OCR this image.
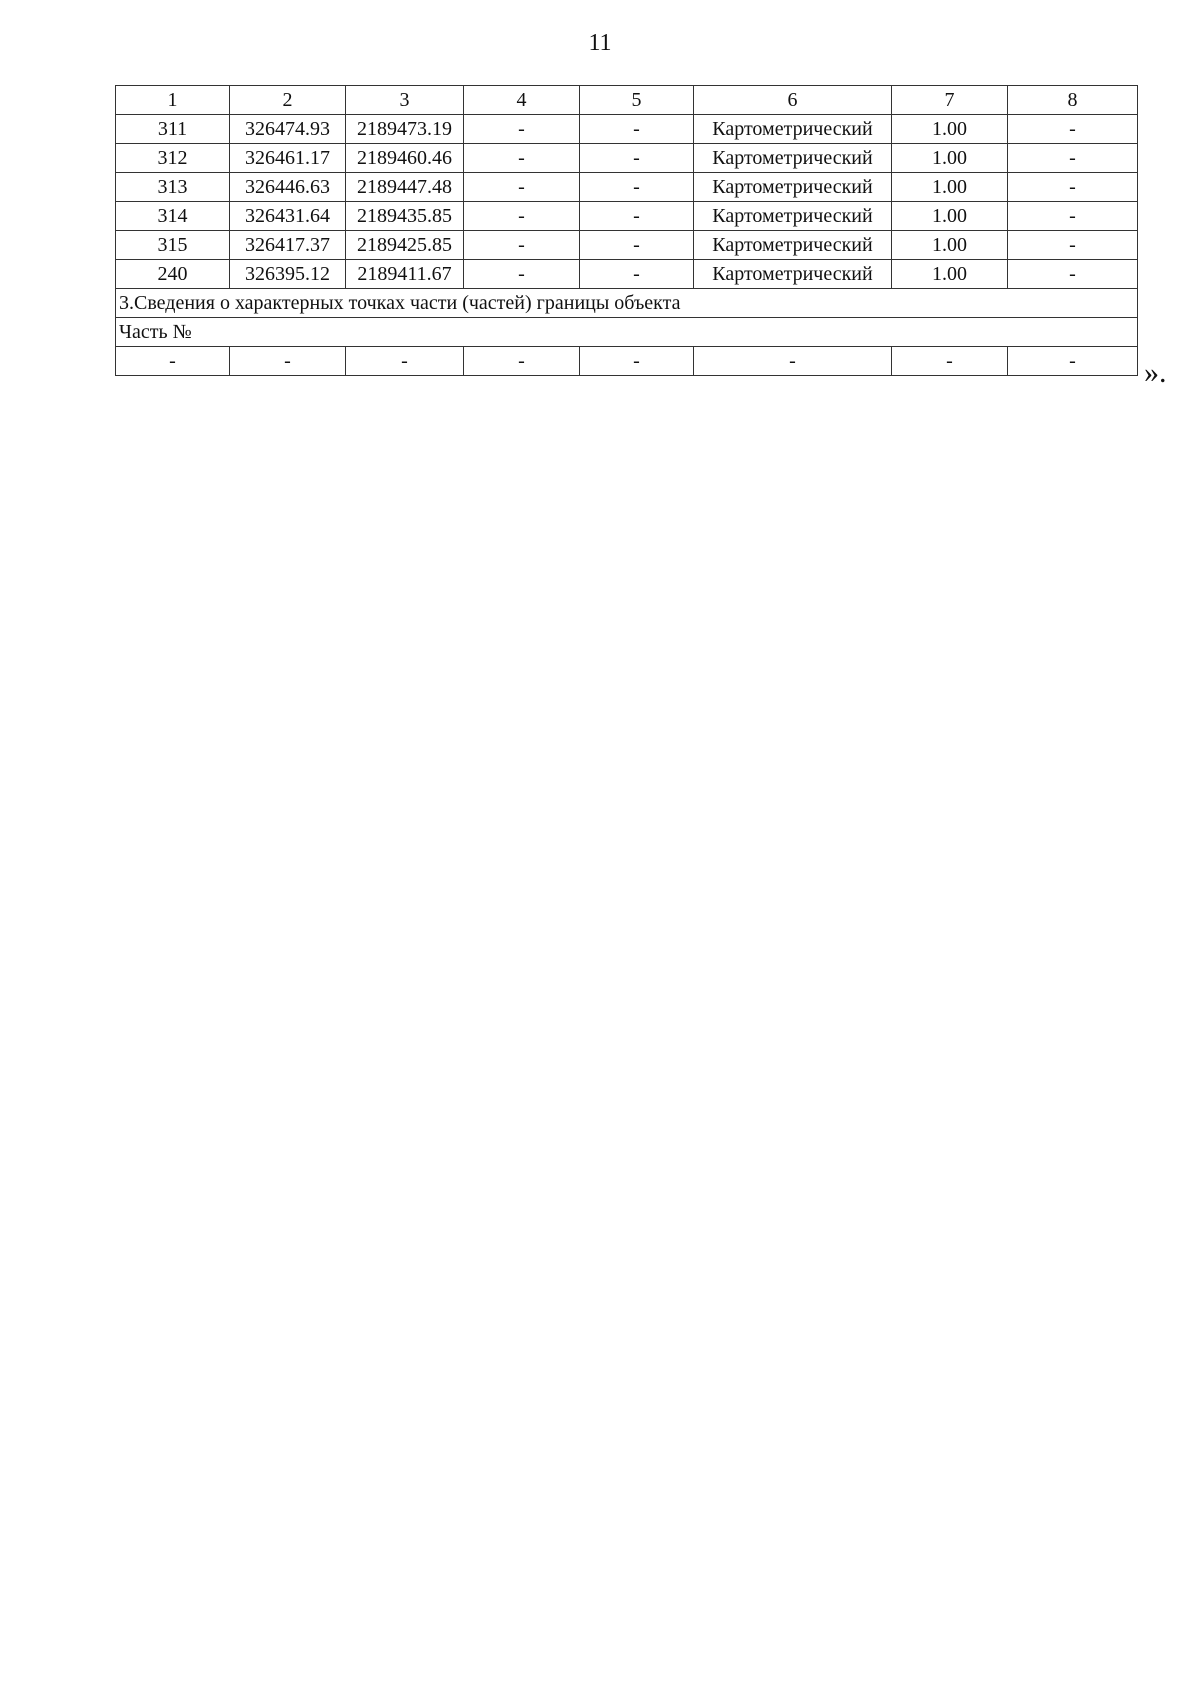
11
1	2	3	4	5	6	7	8
311	326474.93	2189473.19	-	-	Картометрический	1.00	-
312	326461.17	2189460.46	-	-	Картометрический	1.00	-
313	326446.63	2189447.48	-	-	Картометрический	1.00	-
314	326431.64	2189435.85	-	-	Картометрический	1.00	-
315	326417.37	2189425.85	-	-	Картометрический	1.00	-
240	326395.12	2189411.67	-	-	Картометрический	1.00	-
3.Сведения о характерных точках части (частей) границы объекта							
Часть №							
-	-	-	-	-	-	-	- ».
